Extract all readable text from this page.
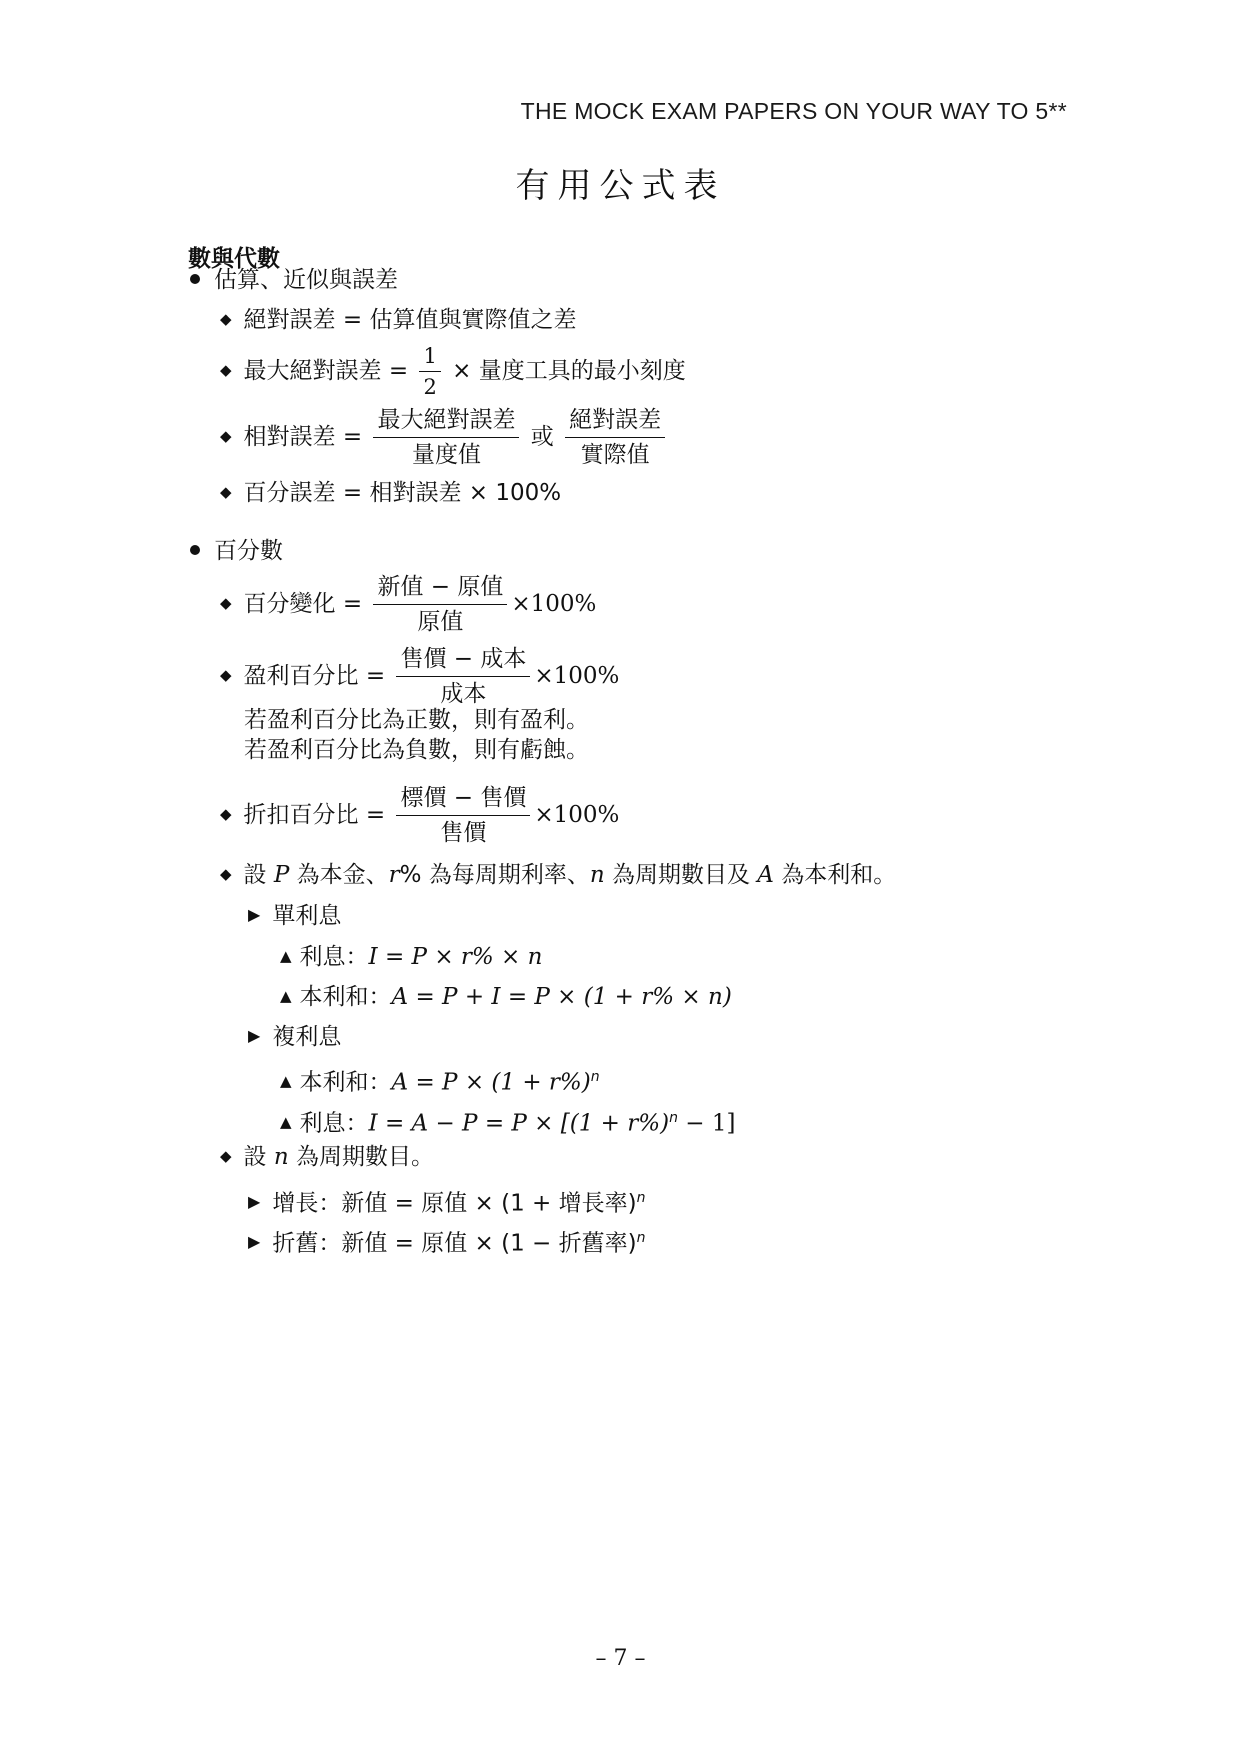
THE MOCK EXAM PAPERS ON YOUR WAY TO 5**
有用公式表
數與代數
估算、近似與誤差
◆ 絕對誤差 = 估算值與實際值之差
◆ 最大絕對誤差 = $\frac{1}{2}$ × 量度工具的最小刻度
◆ 相對誤差 = $\frac{\text{最大絕對誤差}}{\text{量度值}}$ 或 $\frac{\text{絕對誤差}}{\text{實際值}}$
◆ 百分誤差 = 相對誤差 × 100%
百分數
◆ 百分變化 = $\frac{\text{新值 − 原值}}{\text{原值}} \times 100\%$
◆ 盈利百分比 = $\frac{\text{售價 − 成本}}{\text{成本}} \times 100\%$
若盈利百分比為正數，則有盈利。
若盈利百分比為負數，則有虧蝕。
◆ 折扣百分比 = $\frac{\text{標價 − 售價}}{\text{售價}} \times 100\%$
◆ 設 P 為本金、r% 為每周期利率、n 為周期數目及 A 為本利和。
▶ 單利息
▲ 利息：I = P × r% × n
▲ 本利和：A = P + I = P × (1 + r% × n)
▶ 複利息
▲ 本利和：$A = P \times (1 + r\%)^n$
▲ 利息：$I = A - P = P \times [(1 + r\%)^n - 1]$
◆ 設 n 為周期數目。
▶ 增長：新值 = 原值 × (1 + 增長率)$^n$
▶ 折舊：新值 = 原值 × (1 − 折舊率)$^n$
– 7 –
